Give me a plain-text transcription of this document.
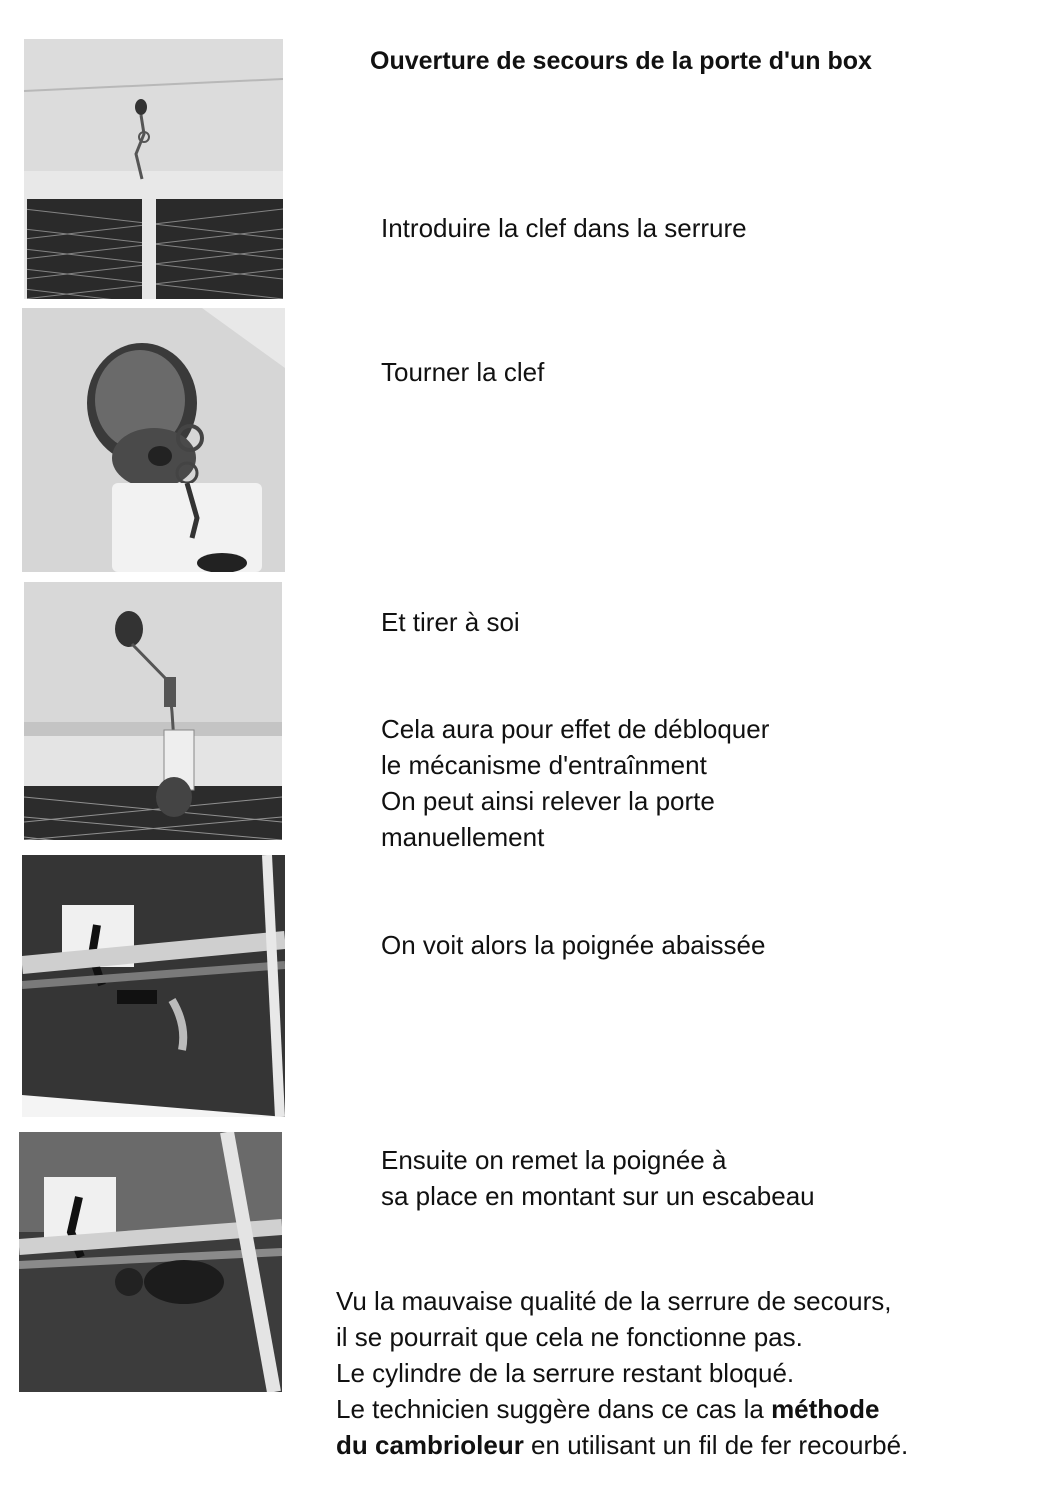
Ouverture de secours de la porte d'un box
Introduire la clef dans la serrure
Tourner la clef
Et tirer à soi
Cela aura pour effet de débloquer
le mécanisme d'entraînment
On peut ainsi relever la porte
manuellement
On voit alors la poignée abaissée
Ensuite on remet la poignée à
sa place en montant sur un escabeau
Vu la mauvaise qualité de la serrure de secours,
il se pourrait que cela ne fonctionne pas.
Le cylindre de la serrure restant bloqué.
Le technicien suggère dans ce cas la méthode
du cambrioleur en utilisant un fil de fer recourbé.
